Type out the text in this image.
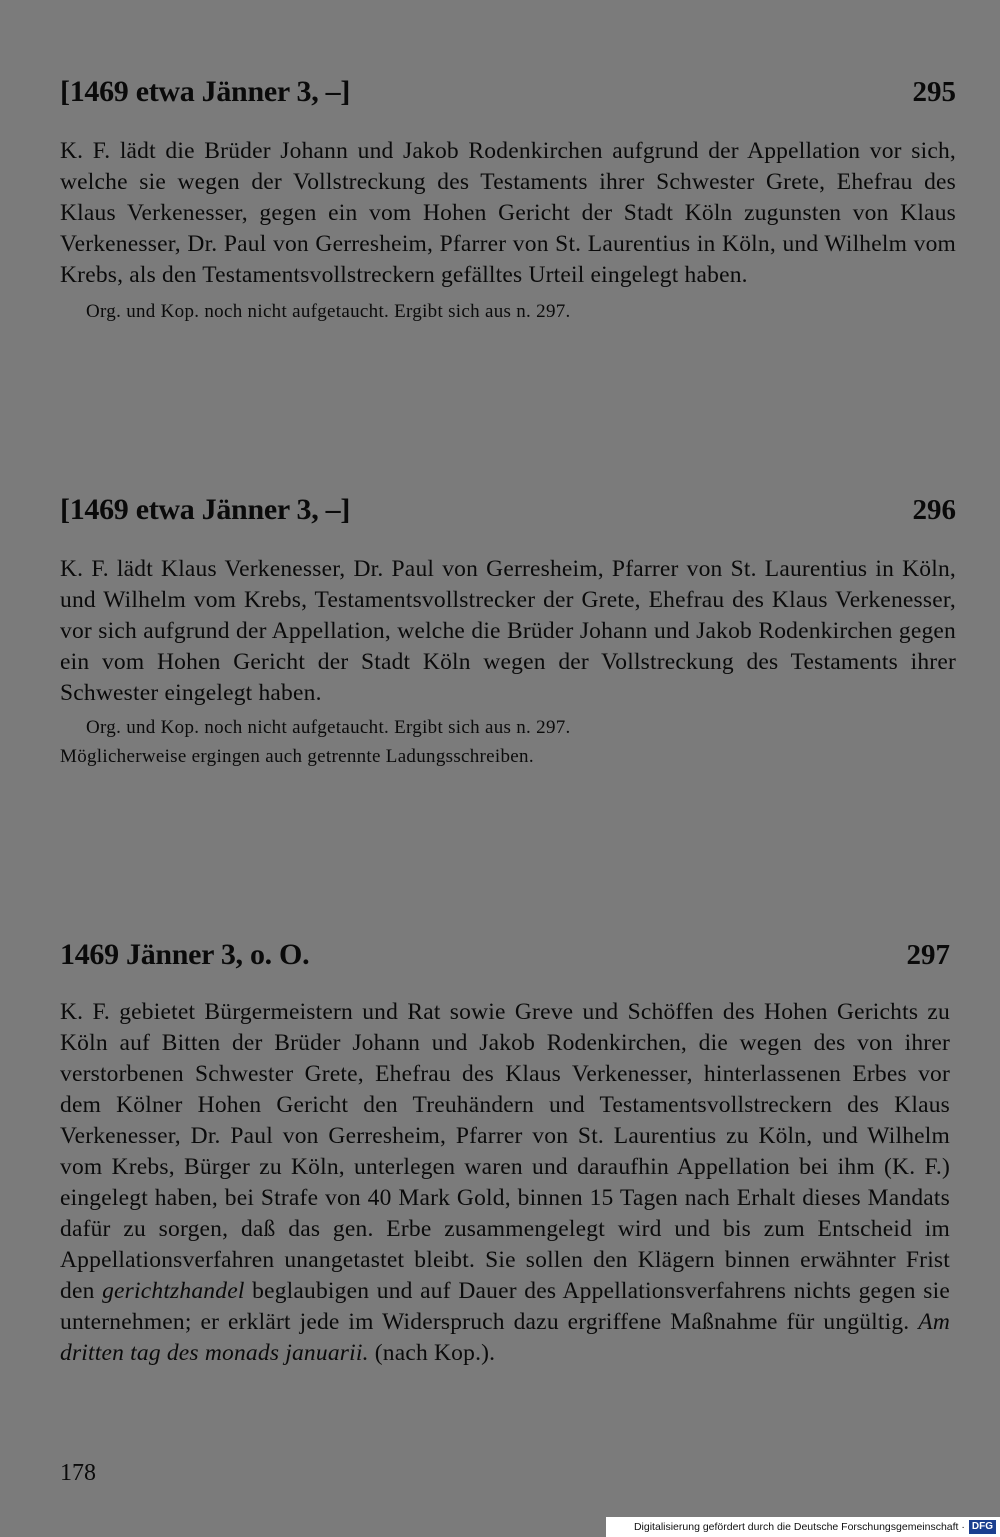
[1469 etwa Jänner 3, –]	295

K. F. lädt die Brüder Johann und Jakob Rodenkirchen aufgrund der Appellation vor sich, welche sie wegen der Vollstreckung des Testaments ihrer Schwester Grete, Ehefrau des Klaus Verkenesser, gegen ein vom Hohen Gericht der Stadt Köln zugunsten von Klaus Verkenesser, Dr. Paul von Gerresheim, Pfarrer von St. Laurentius in Köln, und Wilhelm vom Krebs, als den Testamentsvollstreckern gefälltes Urteil eingelegt haben.

Org. und Kop. noch nicht aufgetaucht. Ergibt sich aus n. 297.

[1469 etwa Jänner 3, –]	296

K. F. lädt Klaus Verkenesser, Dr. Paul von Gerresheim, Pfarrer von St. Laurentius in Köln, und Wilhelm vom Krebs, Testamentsvollstrecker der Grete, Ehefrau des Klaus Verkenesser, vor sich aufgrund der Appellation, welche die Brüder Johann und Jakob Rodenkirchen gegen ein vom Hohen Gericht der Stadt Köln wegen der Vollstreckung des Testaments ihrer Schwester eingelegt haben.

Org. und Kop. noch nicht aufgetaucht. Ergibt sich aus n. 297.

Möglicherweise ergingen auch getrennte Ladungsschreiben.

1469 Jänner 3, o. O.	297

K. F. gebietet Bürgermeistern und Rat sowie Greve und Schöffen des Hohen Gerichts zu Köln auf Bitten der Brüder Johann und Jakob Rodenkirchen, die wegen des von ihrer verstorbenen Schwester Grete, Ehefrau des Klaus Verkenesser, hinterlassenen Erbes vor dem Kölner Hohen Gericht den Treuhändern und Testamentsvollstreckern des Klaus Verkenesser, Dr. Paul von Gerresheim, Pfarrer von St. Laurentius zu Köln, und Wilhelm vom Krebs, Bürger zu Köln, unterlegen waren und daraufhin Appellation bei ihm (K. F.) eingelegt haben, bei Strafe von 40 Mark Gold, binnen 15 Tagen nach Erhalt dieses Mandats dafür zu sorgen, daß das gen. Erbe zusammengelegt wird und bis zum Entscheid im Appellationsverfahren unangetastet bleibt. Sie sollen den Klägern binnen erwähnter Frist den gerichtzhandel beglaubigen und auf Dauer des Appellationsverfahrens nichts gegen sie unternehmen; er erklärt jede im Widerspruch dazu ergriffene Maßnahme für ungültig. Am dritten tag des monads januarii. (nach Kop.).

178
Digitalisierung gefördert durch die Deutsche Forschungsgemeinschaft · DFG
